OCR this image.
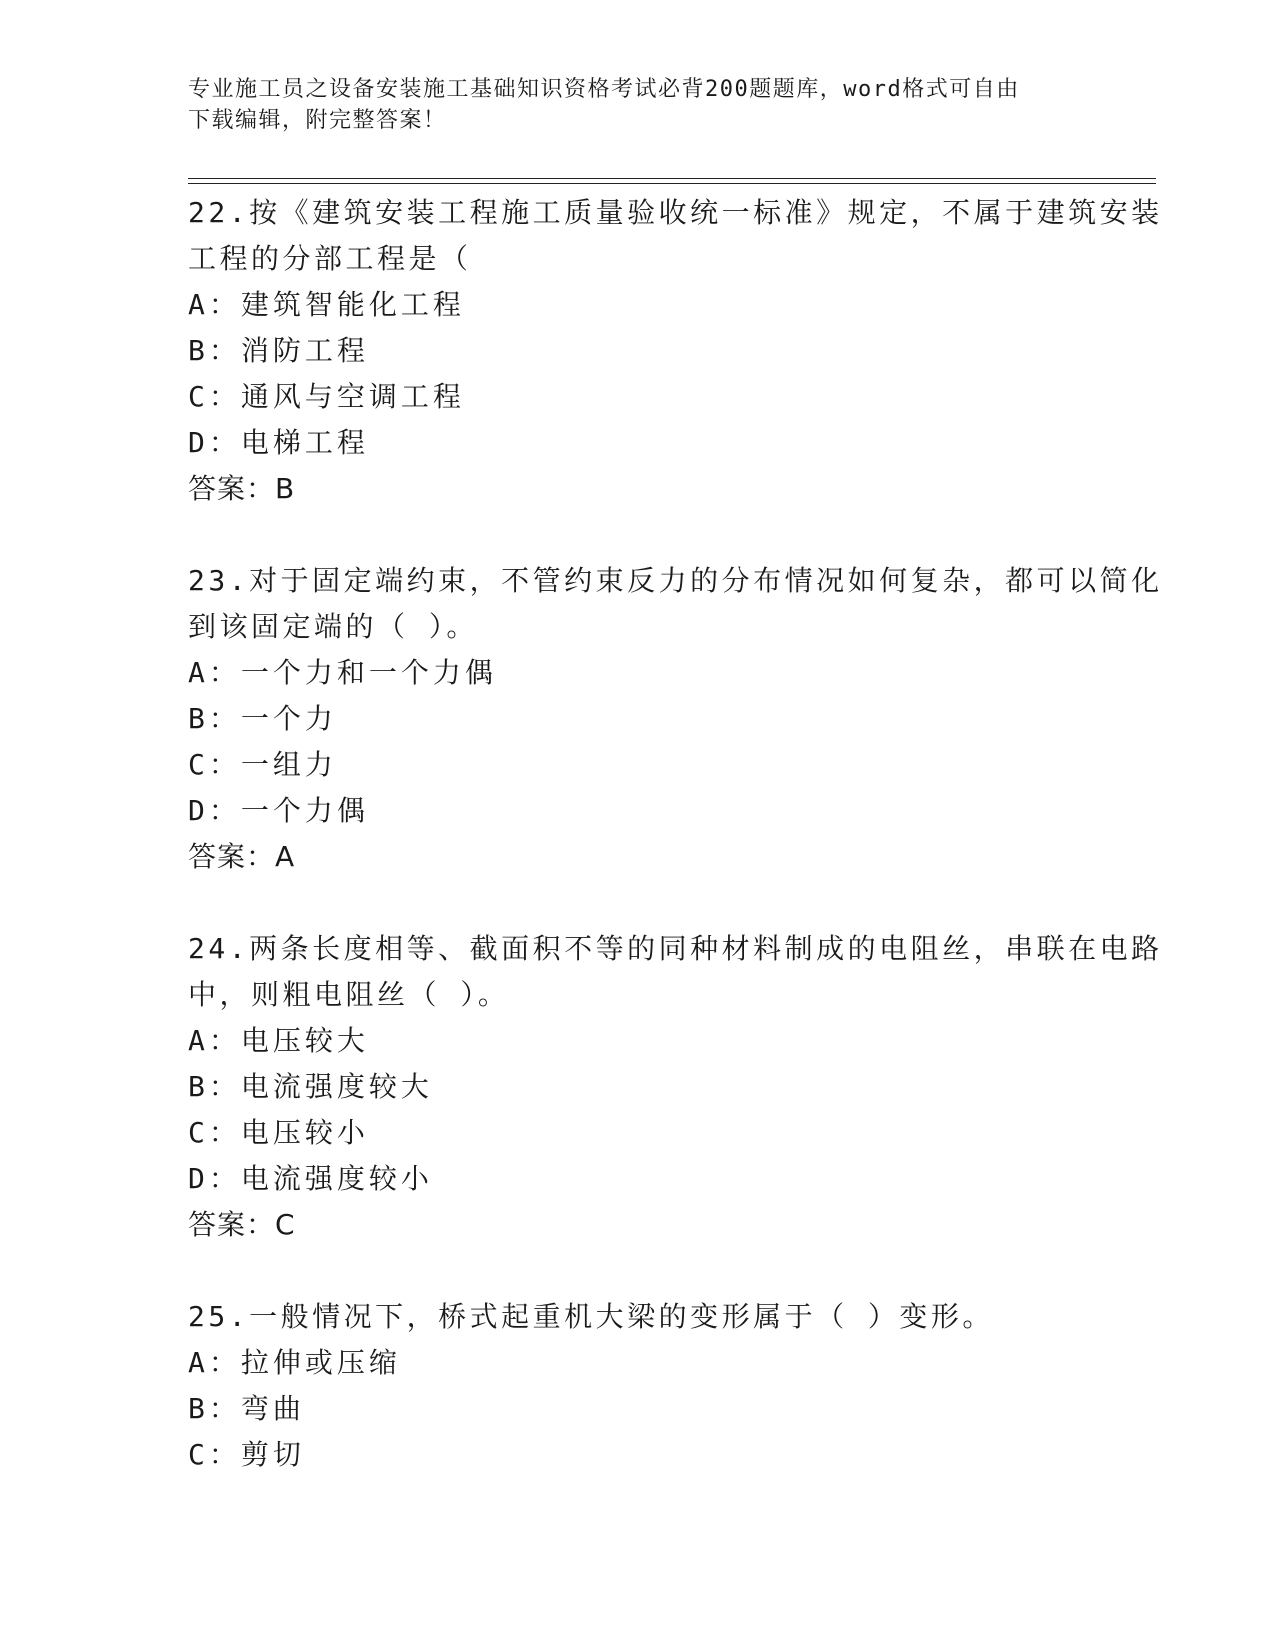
专业施工员之设备安装施工基础知识资格考试必背200题题库，word格式可自由
下载编辑，附完整答案！
22.按《建筑安装工程施工质量验收统一标准》规定，不属于建筑安装
工程的分部工程是（
A：建筑智能化工程
B：消防工程
C：通风与空调工程
D：电梯工程
答案：B
23.对于固定端约束，不管约束反力的分布情况如何复杂，都可以简化
到该固定端的（ ）。
A：一个力和一个力偶
B：一个力
C：一组力
D：一个力偶
答案：A
24.两条长度相等、截面积不等的同种材料制成的电阻丝，串联在电路
中，则粗电阻丝（ ）。
A：电压较大
B：电流强度较大
C：电压较小
D：电流强度较小
答案：C
25.一般情况下，桥式起重机大梁的变形属于（ ）变形。
A：拉伸或压缩
B：弯曲
C：剪切
